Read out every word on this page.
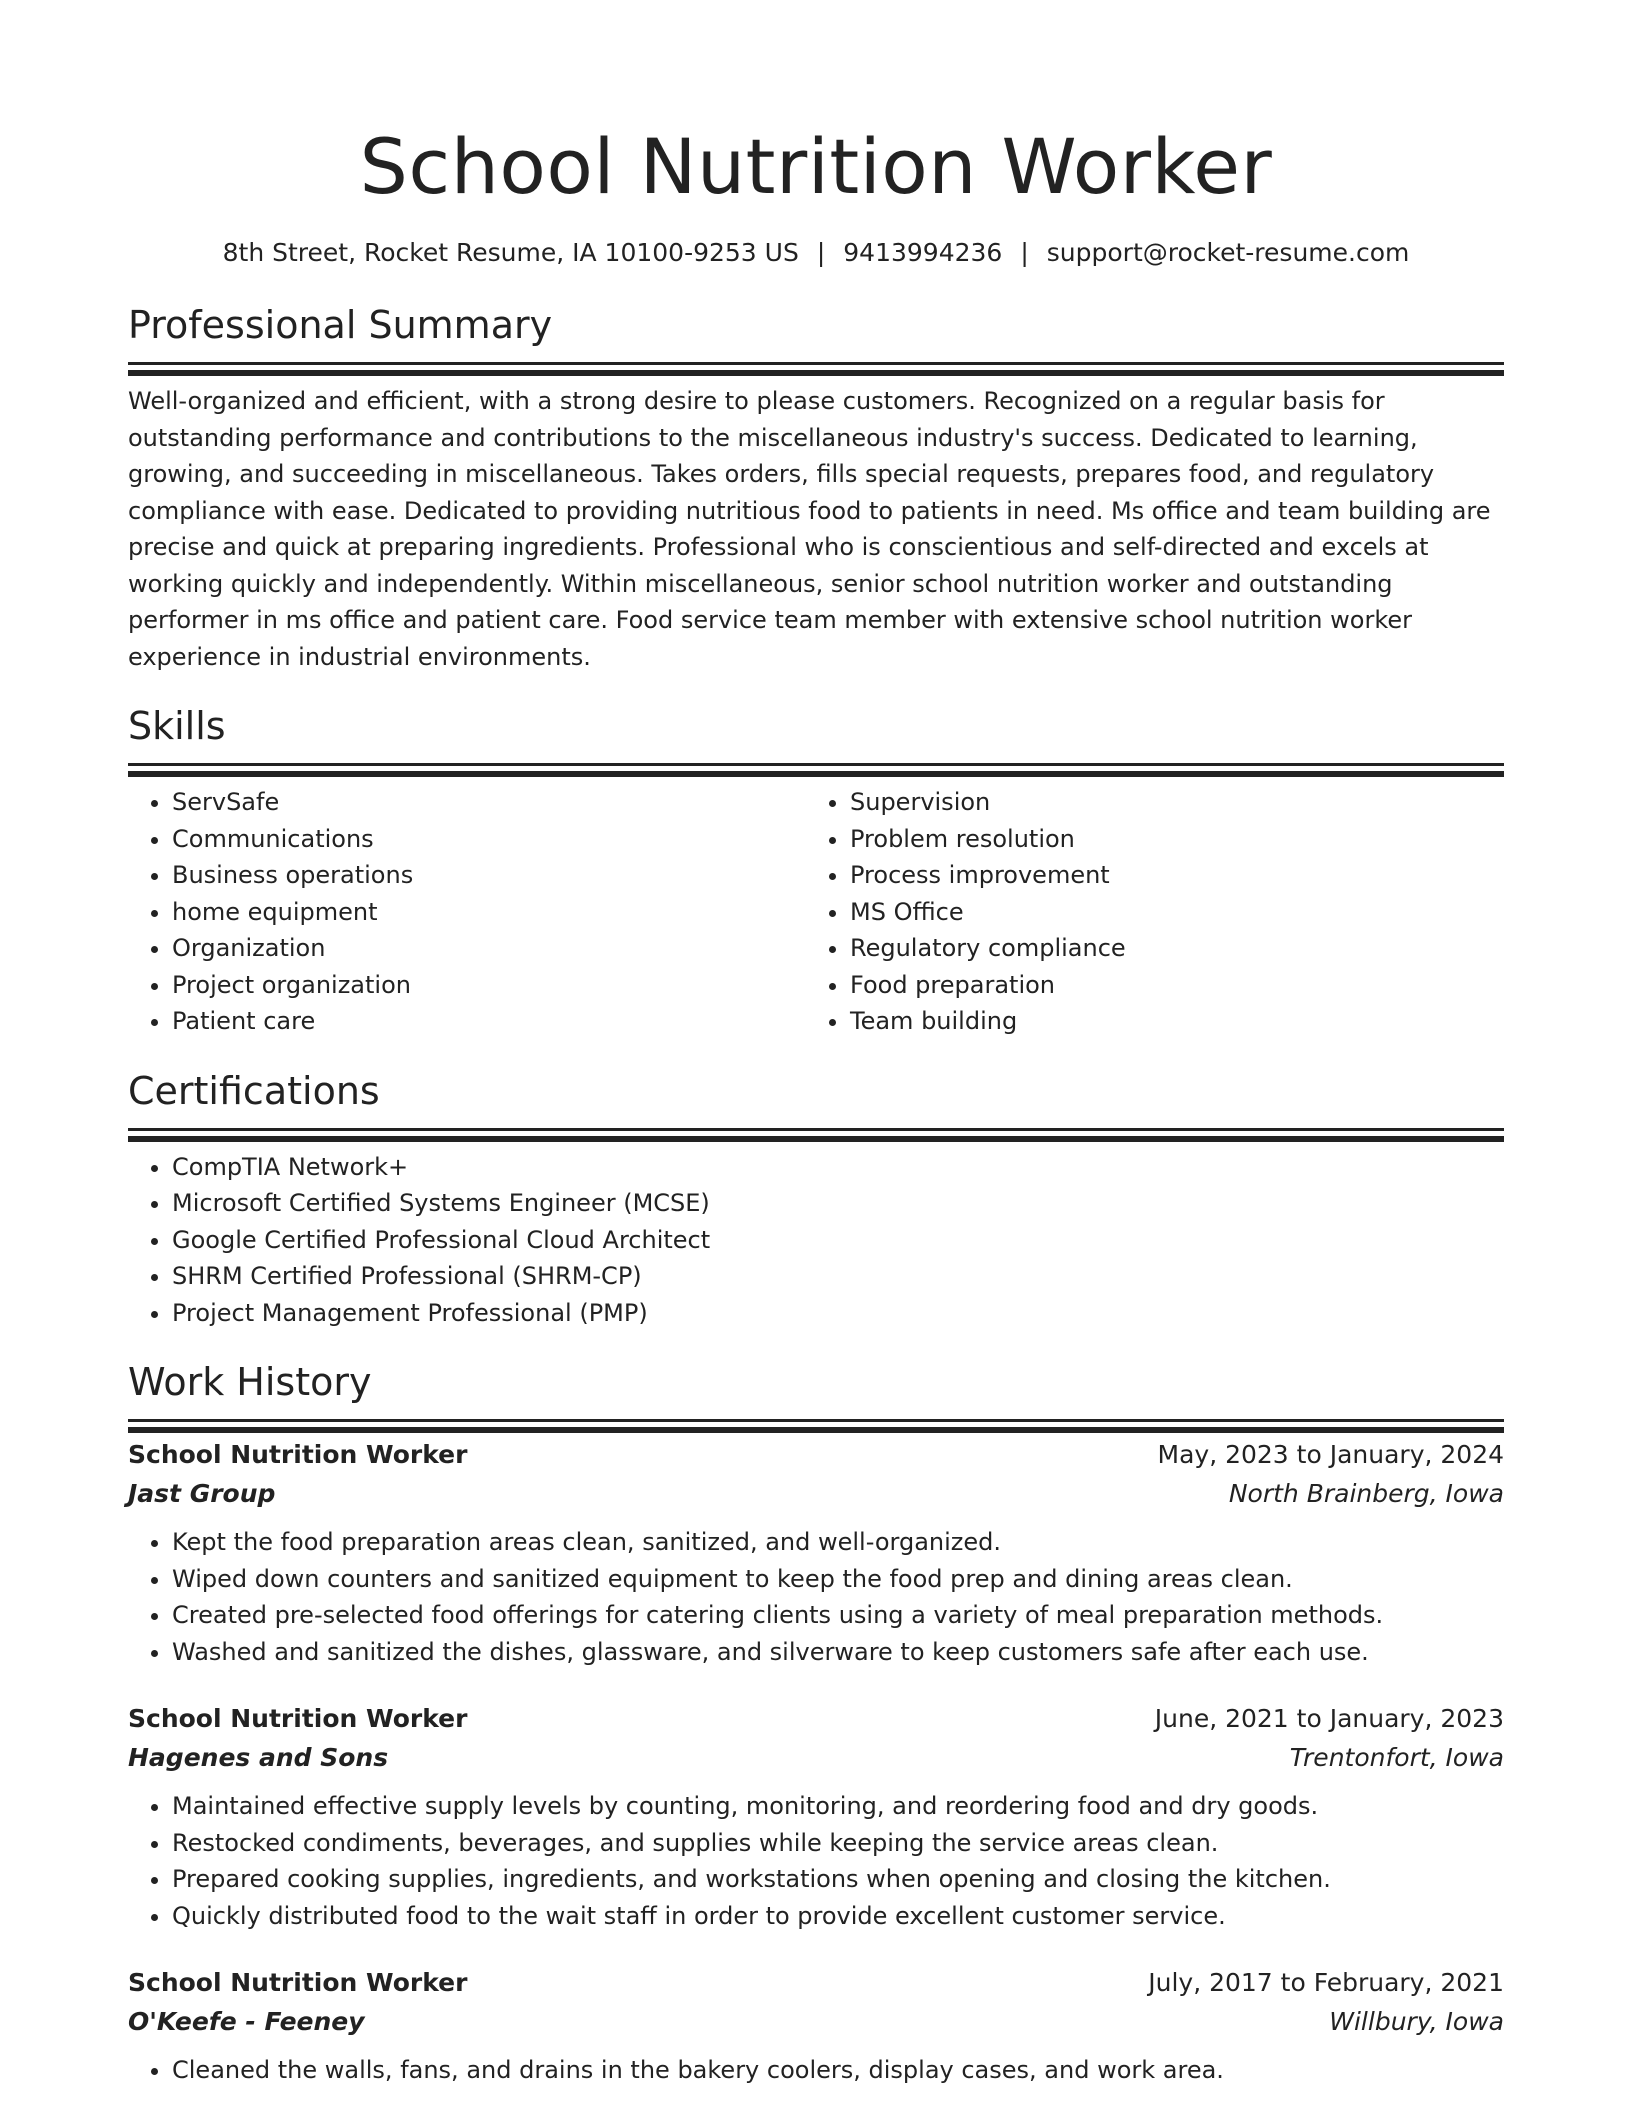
School Nutrition Worker
8th Street, Rocket Resume, IA 10100-9253 US | 9413994236 | support@rocket-resume.com
Professional Summary

Well-organized and efficient, with a strong desire to please customers. Recognized on a regular basis for outstanding performance and contributions to the miscellaneous industry's success. Dedicated to learning, growing, and succeeding in miscellaneous. Takes orders, fills special requests, prepares food, and regulatory compliance with ease. Dedicated to providing nutritious food to patients in need. Ms office and team building are precise and quick at preparing ingredients. Professional who is conscientious and self-directed and excels at working quickly and independently. Within miscellaneous, senior school nutrition worker and outstanding performer in ms office and patient care. Food service team member with extensive school nutrition worker experience in industrial environments.

Skills
• ServSafe
• Communications
• Business operations
• home equipment
• Organization
• Project organization
• Patient care
• Supervision
• Problem resolution
• Process improvement
• MS Office
• Regulatory compliance
• Food preparation
• Team building
Certifications
• CompTIA Network+
• Microsoft Certified Systems Engineer (MCSE)
• Google Certified Professional Cloud Architect
• SHRM Certified Professional (SHRM-CP)
• Project Management Professional (PMP)
Work History
School Nutrition Worker	May, 2023 to January, 2024
Jast Group	North Brainberg, Iowa
• Kept the food preparation areas clean, sanitized, and well-organized.
• Wiped down counters and sanitized equipment to keep the food prep and dining areas clean.
• Created pre-selected food offerings for catering clients using a variety of meal preparation methods.
• Washed and sanitized the dishes, glassware, and silverware to keep customers safe after each use.
School Nutrition Worker	June, 2021 to January, 2023
Hagenes and Sons	Trentonfort, Iowa
• Maintained effective supply levels by counting, monitoring, and reordering food and dry goods.
• Restocked condiments, beverages, and supplies while keeping the service areas clean.
• Prepared cooking supplies, ingredients, and workstations when opening and closing the kitchen.
• Quickly distributed food to the wait staff in order to provide excellent customer service.
School Nutrition Worker	July, 2017 to February, 2021
O'Keefe - Feeney	Willbury, Iowa
• Cleaned the walls, fans, and drains in the bakery coolers, display cases, and work area.
